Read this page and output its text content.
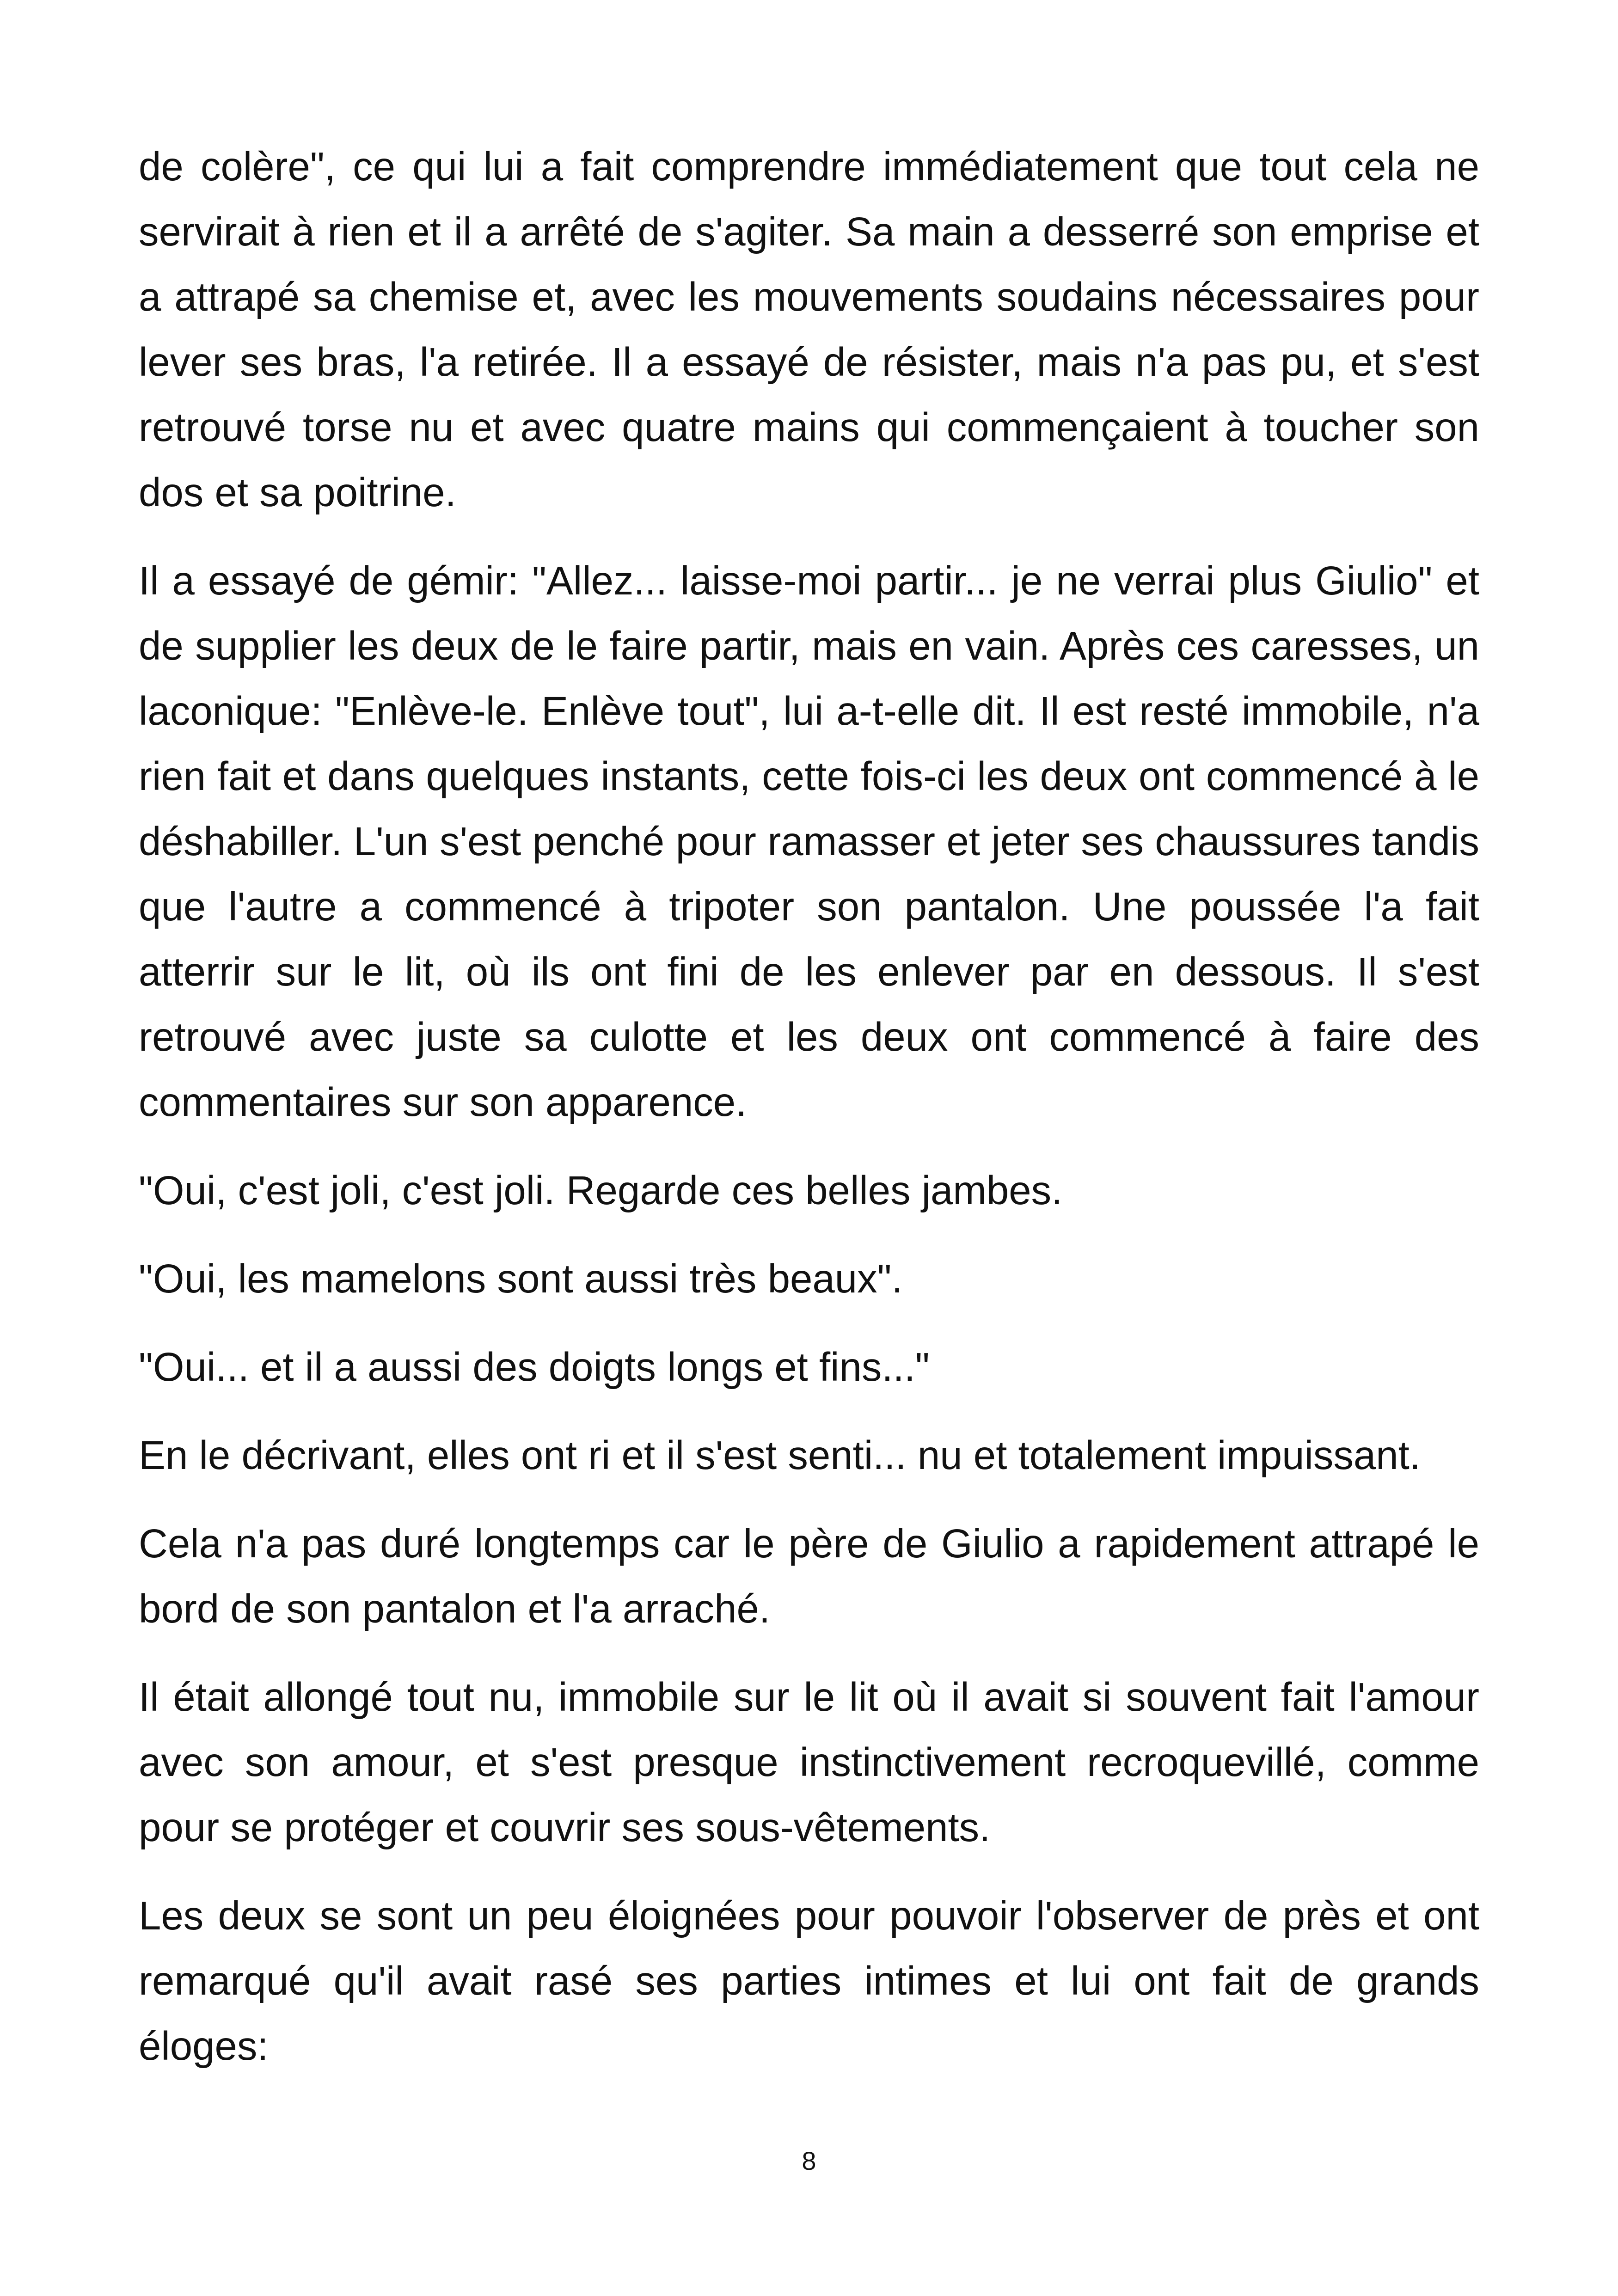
de colère", ce qui lui a fait comprendre immédiatement que tout cela ne servirait à rien et il a arrêté de s'agiter. Sa main a desserré son emprise et a attrapé sa chemise et, avec les mouvements soudains nécessaires pour lever ses bras, l'a retirée. Il a essayé de résister, mais n'a pas pu, et s'est retrouvé torse nu et avec quatre mains qui commençaient à toucher son dos et sa poitrine.

Il a essayé de gémir: "Allez... laisse-moi partir... je ne verrai plus Giulio" et de supplier les deux de le faire partir, mais en vain. Après ces caresses, un laconique: "Enlève-le. Enlève tout", lui a-t-elle dit. Il est resté immobile, n'a rien fait et dans quelques instants, cette fois-ci les deux ont commencé à le déshabiller. L'un s'est penché pour ramasser et jeter ses chaussures tandis que l'autre a commencé à tripoter son pantalon. Une poussée l'a fait atterrir sur le lit, où ils ont fini de les enlever par en dessous. Il s'est retrouvé avec juste sa culotte et les deux ont commencé à faire des commentaires sur son apparence.

"Oui, c'est joli, c'est joli. Regarde ces belles jambes.

"Oui, les mamelons sont aussi très beaux".

"Oui... et il a aussi des doigts longs et fins..."

En le décrivant, elles ont ri et il s'est senti... nu et totalement impuissant.

Cela n'a pas duré longtemps car le père de Giulio a rapidement attrapé le bord de son pantalon et l'a arraché.

Il était allongé tout nu, immobile sur le lit où il avait si souvent fait l'amour avec son amour, et s'est presque instinctivement recroquevillé, comme pour se protéger et couvrir ses sous-vêtements.

Les deux se sont un peu éloignées pour pouvoir l'observer de près et ont remarqué qu'il avait rasé ses parties intimes et lui ont fait de grands éloges:

8
